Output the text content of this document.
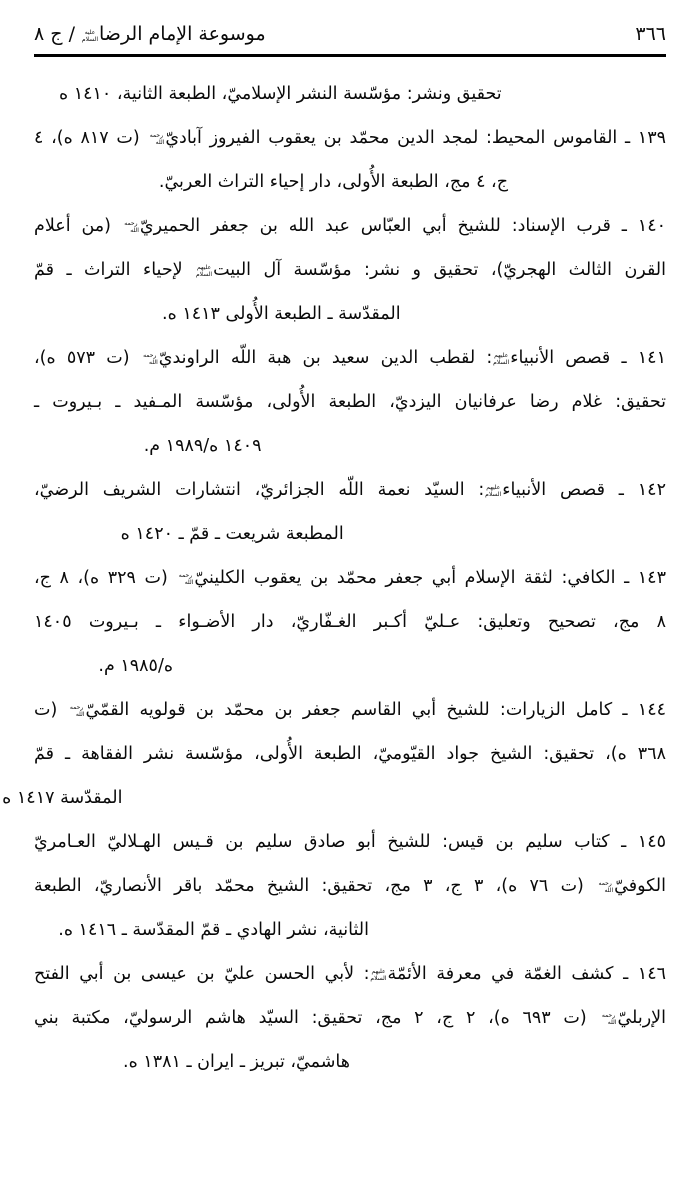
موسوعة الإمام الرضاعليه السلام / ج ٨	٣٦٦
تحقيق ونشر: مؤسّسة النشر الإسلاميّ، الطبعة الثانية، ١٤١٠ ه
١٣٩ ـ القاموس المحيط: لمجد الدين محمّد بن يعقوب الفيروز آباديّرحمه الله (ت ٨١٧ ه)، ٤
ج، ٤ مج، الطبعة الأُولى، دار إحياء التراث العربيّ.
١٤٠ ـ قرب الإسناد: للشيخ أبي العبّاس عبد الله بن جعفر الحميريّرحمه الله (من أعلام
القرن الثالث الهجريّ)، تحقيق و نشر: مؤسّسة آل البيتعليهم السلام لإحياء التراث ـ قمّ
المقدّسة ـ الطبعة الأُولى ١٤١٣ ه.
١٤١ ـ قصص الأنبياءعليهم السلام: لقطب الدين سعيد بن هبة اللّه الراونديّرحمه الله (ت ٥٧٣ ه)،
تحقيق: غلام رضا عرفانيان اليزديّ، الطبعة الأُولى، مؤسّسة المـفيد ـ بـيروت ـ
١٤٠٩ ه/١٩٨٩ م.
١٤٢ ـ قصص الأنبياءعليهم السلام: السيّد نعمة اللّه الجزائريّ، انتشارات الشريف الرضيّ،
المطبعة شريعت ـ قمّ ـ ١٤٢٠ ه
١٤٣ ـ الكافي: لثقة الإسلام أبي جعفر محمّد بن يعقوب الكلينيّرحمه الله (ت ٣٢٩ ه)، ٨ ج،
٨ مج، تصحيح وتعليق: عـليّ أكـبر الغـفّاريّ، دار الأضـواء ـ بـيروت ١٤٠٥
ه/١٩٨٥ م.
١٤٤ ـ كامل الزيارات: للشيخ أبي القاسم جعفر بن محمّد بن قولويه القمّيّرحمه الله (ت
٣٦٨ ه)، تحقيق: الشيخ جواد القيّوميّ، الطبعة الأُولى، مؤسّسة نشر الفقاهة ـ قمّ
المقدّسة ١٤١٧ ه
١٤٥ ـ كتاب سليم بن قيس: للشيخ أبو صادق سليم بن قـيس الهـلاليّ العـامريّ
الكوفيّرحمه الله (ت ٧٦ ه)، ٣ ج، ٣ مج، تحقيق: الشيخ محمّد باقر الأنصاريّ، الطبعة
الثانية، نشر الهادي ـ قمّ المقدّسة ـ ١٤١٦ ه.
١٤٦ ـ كشف الغمّة في معرفة الأئمّةعليهم السلام: لأبي الحسن عليّ بن عيسى بن أبي الفتح
الإربليّرحمه الله (ت ٦٩٣ ه)، ٢ ج، ٢ مج، تحقيق: السيّد هاشم الرسوليّ، مكتبة بني
هاشميّ، تبريز ـ ايران ـ ١٣٨١ ه.
